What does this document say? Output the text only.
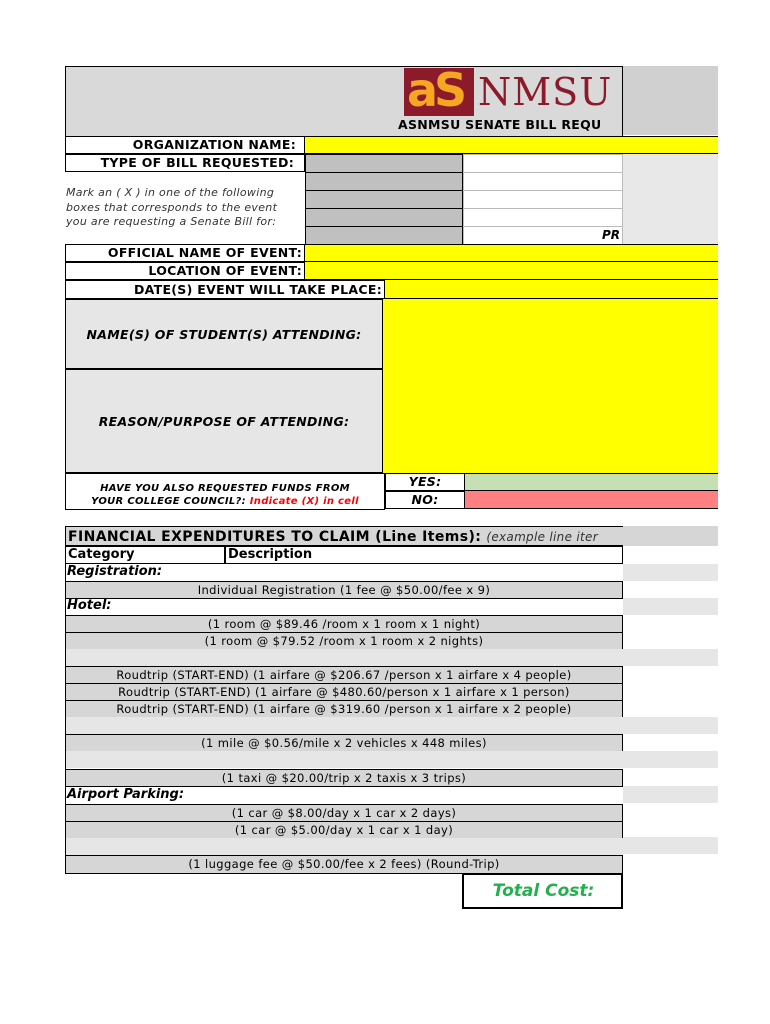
aS NMSU
ASNMSU SENATE BILL REQU
ORGANIZATION NAME:
TYPE OF BILL REQUESTED:
PR
Mark an ( X ) in one of the following
boxes that corresponds to the event
you are requesting a Senate Bill for:
OFFICIAL NAME OF EVENT:
LOCATION OF EVENT:
DATE(S) EVENT WILL TAKE PLACE:
NAME(S) OF STUDENT(S) ATTENDING:
REASON/PURPOSE OF ATTENDING:
HAVE YOU ALSO REQUESTED FUNDS FROM
YOUR COLLEGE COUNCIL?: Indicate (X) in cell
YES:
NO:
FINANCIAL EXPENDITURES TO CLAIM (Line Items): (example line iter
Category	Description
Registration:
Individual Registration (1 fee @ $50.00/fee x 9)
Hotel:
(1 room @ $89.46 /room x 1 room x 1 night)
(1 room @ $79.52 /room x 1 room x 2 nights)
Roudtrip (START-END) (1 airfare @ $206.67 /person x 1 airfare x 4 people)
Roudtrip (START-END) (1 airfare @ $480.60/person x 1 airfare x 1 person)
Roudtrip (START-END) (1 airfare @ $319.60 /person x 1 airfare x 2 people)
(1 mile @ $0.56/mile x 2 vehicles x 448 miles)
(1 taxi @ $20.00/trip x 2 taxis x 3 trips)
Airport Parking:
(1 car @ $8.00/day x 1 car x 2 days)
(1 car @ $5.00/day x 1 car x 1 day)
(1 luggage fee @ $50.00/fee x 2 fees) (Round-Trip)
Total Cost:
